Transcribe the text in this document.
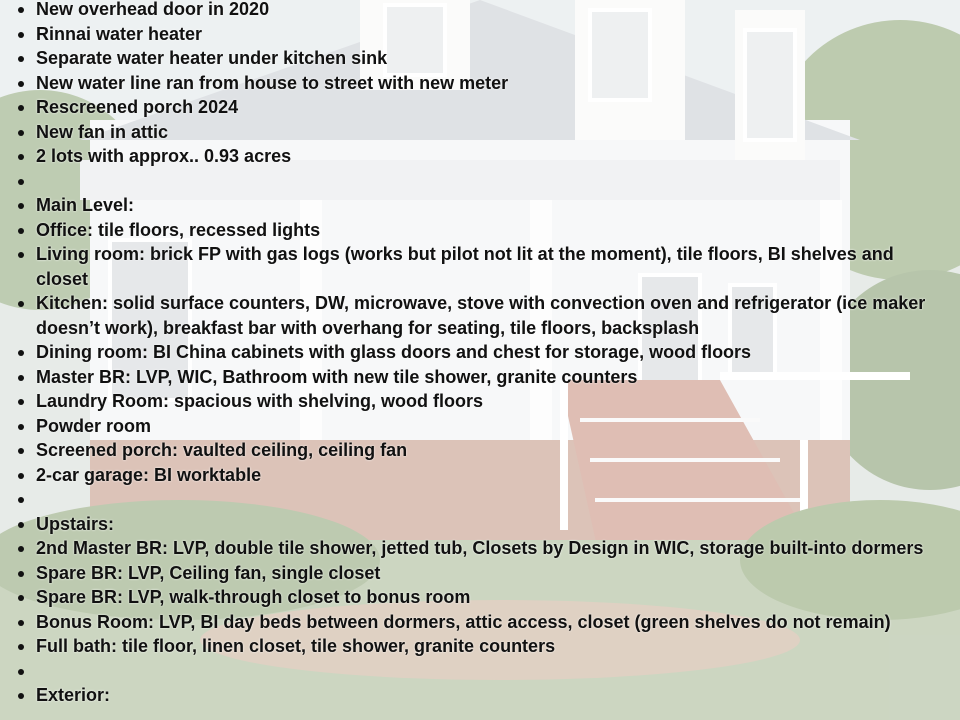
New overhead door in 2020
Rinnai water heater
Separate water heater under kitchen sink
New water line ran from house to street with new meter
Rescreened porch 2024
New fan in attic
2 lots with approx.. 0.93 acres

Main Level:
Office: tile floors, recessed lights
Living room: brick FP with gas logs (works but pilot not lit at the moment), tile floors, BI shelves and closet
Kitchen: solid surface counters, DW, microwave, stove with convection oven and refrigerator (ice maker doesn’t work), breakfast bar with overhang for seating, tile floors, backsplash
Dining room: BI China cabinets with glass doors and chest for storage, wood floors
Master BR: LVP, WIC, Bathroom with new tile shower, granite counters
Laundry Room: spacious with shelving, wood floors
Powder room
Screened porch: vaulted ceiling, ceiling fan
2-car garage: BI worktable

Upstairs:
2nd Master BR: LVP, double tile shower, jetted tub, Closets by Design in WIC, storage built-into dormers
Spare BR: LVP, Ceiling fan, single closet
Spare BR: LVP, walk-through closet to bonus room
Bonus Room: LVP, BI day beds between dormers, attic access, closet (green shelves do not remain)
Full bath: tile floor, linen closet, tile shower, granite counters

Exterior:
